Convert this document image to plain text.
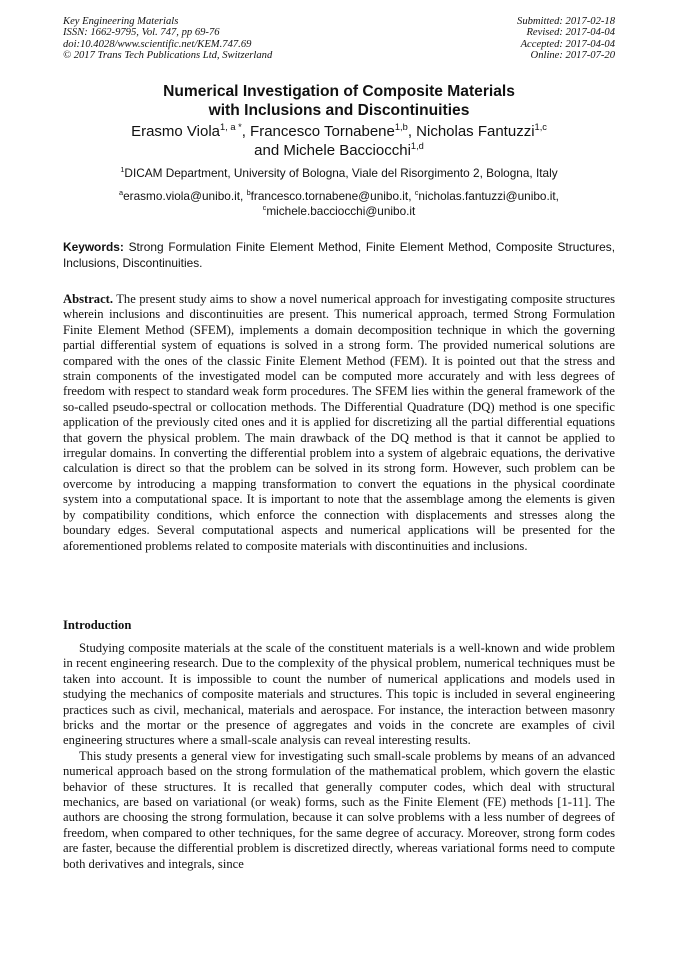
Key Engineering Materials
ISSN: 1662-9795, Vol. 747, pp 69-76
doi:10.4028/www.scientific.net/KEM.747.69
© 2017 Trans Tech Publications Ltd, Switzerland
Submitted: 2017-02-18
Revised: 2017-04-04
Accepted: 2017-04-04
Online: 2017-07-20
Numerical Investigation of Composite Materials
with Inclusions and Discontinuities
Erasmo Viola$^{1, a *}$, Francesco Tornabene$^{1,b}$, Nicholas Fantuzzi$^{1,c}$
and Michele Bacciocchi$^{1,d}$
$^1$DICAM Department, University of Bologna, Viale del Risorgimento 2, Bologna, Italy
$^a$erasmo.viola@unibo.it, $^b$francesco.tornabene@unibo.it, $^c$nicholas.fantuzzi@unibo.it,
$^c$michele.bacciocchi@unibo.it
Keywords: Strong Formulation Finite Element Method, Finite Element Method, Composite Structures, Inclusions, Discontinuities.
Abstract. The present study aims to show a novel numerical approach for investigating composite structures wherein inclusions and discontinuities are present. This numerical approach, termed Strong Formulation Finite Element Method (SFEM), implements a domain decomposition technique in which the governing partial differential system of equations is solved in a strong form. The provided numerical solutions are compared with the ones of the classic Finite Element Method (FEM). It is pointed out that the stress and strain components of the investigated model can be computed more accurately and with less degrees of freedom with respect to standard weak form procedures. The SFEM lies within the general framework of the so-called pseudo-spectral or collocation methods. The Differential Quadrature (DQ) method is one specific application of the previously cited ones and it is applied for discretizing all the partial differential equations that govern the physical problem. The main drawback of the DQ method is that it cannot be applied to irregular domains. In converting the differential problem into a system of algebraic equations, the derivative calculation is direct so that the problem can be solved in its strong form. However, such problem can be overcome by introducing a mapping transformation to convert the equations in the physical coordinate system into a computational space. It is important to note that the assemblage among the elements is given by compatibility conditions, which enforce the connection with displacements and stresses along the boundary edges. Several computational aspects and numerical applications will be presented for the aforementioned problems related to composite materials with discontinuities and inclusions.
Introduction

Studying composite materials at the scale of the constituent materials is a well-known and wide problem in recent engineering research. Due to the complexity of the physical problem, numerical techniques must be taken into account. It is impossible to count the number of numerical applications and models used in studying the mechanics of composite materials and structures. This topic is included in several engineering practices such as civil, mechanical, materials and aerospace. For instance, the interaction between masonry bricks and the mortar or the presence of aggregates and voids in the concrete are examples of civil engineering structures where a small-scale analysis can reveal interesting results.

This study presents a general view for investigating such small-scale problems by means of an advanced numerical approach based on the strong formulation of the mathematical problem, which govern the elastic behavior of these structures. It is recalled that generally computer codes, which deal with structural mechanics, are based on variational (or weak) forms, such as the Finite Element (FE) methods [1-11]. The authors are choosing the strong formulation, because it can solve problems with a less number of degrees of freedom, when compared to other techniques, for the same degree of accuracy. Moreover, strong form codes are faster, because the differential problem is discretized directly, whereas variational forms need to compute both derivatives and integrals, since
